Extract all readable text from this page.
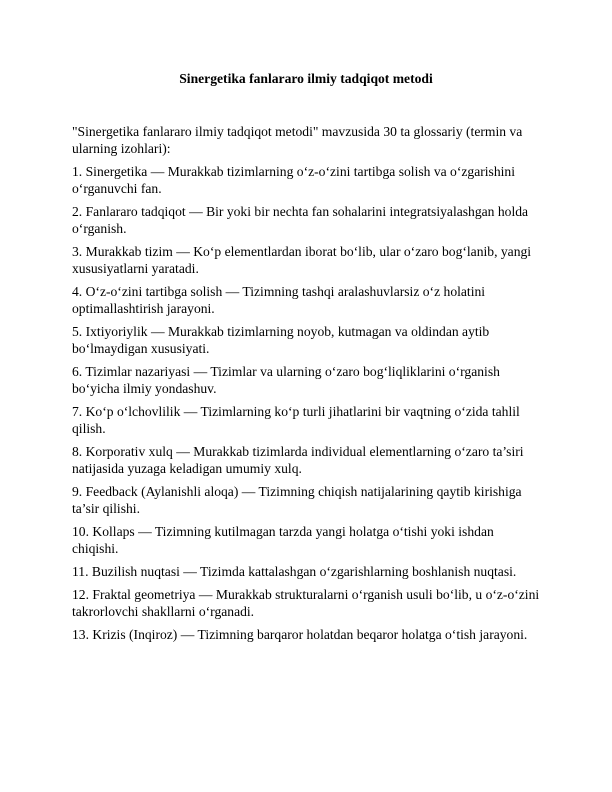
Sinergetika fanlararo ilmiy tadqiqot metodi

"Sinergetika fanlararo ilmiy tadqiqot metodi" mavzusida 30 ta glossariy (termin va ularning izohlari):

1. Sinergetika — Murakkab tizimlarning o‘z-o‘zini tartibga solish va o‘zgarishini o‘rganuvchi fan.

2. Fanlararo tadqiqot — Bir yoki bir nechta fan sohalarini integratsiyalashgan holda o‘rganish.

3. Murakkab tizim — Ko‘p elementlardan iborat bo‘lib, ular o‘zaro bog‘lanib, yangi xususiyatlarni yaratadi.

4. O‘z-o‘zini tartibga solish — Tizimning tashqi aralashuvlarsiz o‘z holatini optimallashtirish jarayoni.

5. Ixtiyoriylik — Murakkab tizimlarning noyob, kutmagan va oldindan aytib bo‘lmaydigan xususiyati.

6. Tizimlar nazariyasi — Tizimlar va ularning o‘zaro bog‘liqliklarini o‘rganish bo‘yicha ilmiy yondashuv.

7. Ko‘p o‘lchovlilik — Tizimlarning ko‘p turli jihatlarini bir vaqtning o‘zida tahlil qilish.

8. Korporativ xulq — Murakkab tizimlarda individual elementlarning o‘zaro ta’siri natijasida yuzaga keladigan umumiy xulq.

9. Feedback (Aylanishli aloqa) — Tizimning chiqish natijalarining qaytib kirishiga ta’sir qilishi.

10. Kollaps — Tizimning kutilmagan tarzda yangi holatga o‘tishi yoki ishdan chiqishi.

11. Buzilish nuqtasi — Tizimda kattalashgan o‘zgarishlarning boshlanish nuqtasi.

12. Fraktal geometriya — Murakkab strukturalarni o‘rganish usuli bo‘lib, u o‘z-o‘zini takrorlovchi shakllarni o‘rganadi.

13. Krizis (Inqiroz) — Tizimning barqaror holatdan beqaror holatga o‘tish jarayoni.
